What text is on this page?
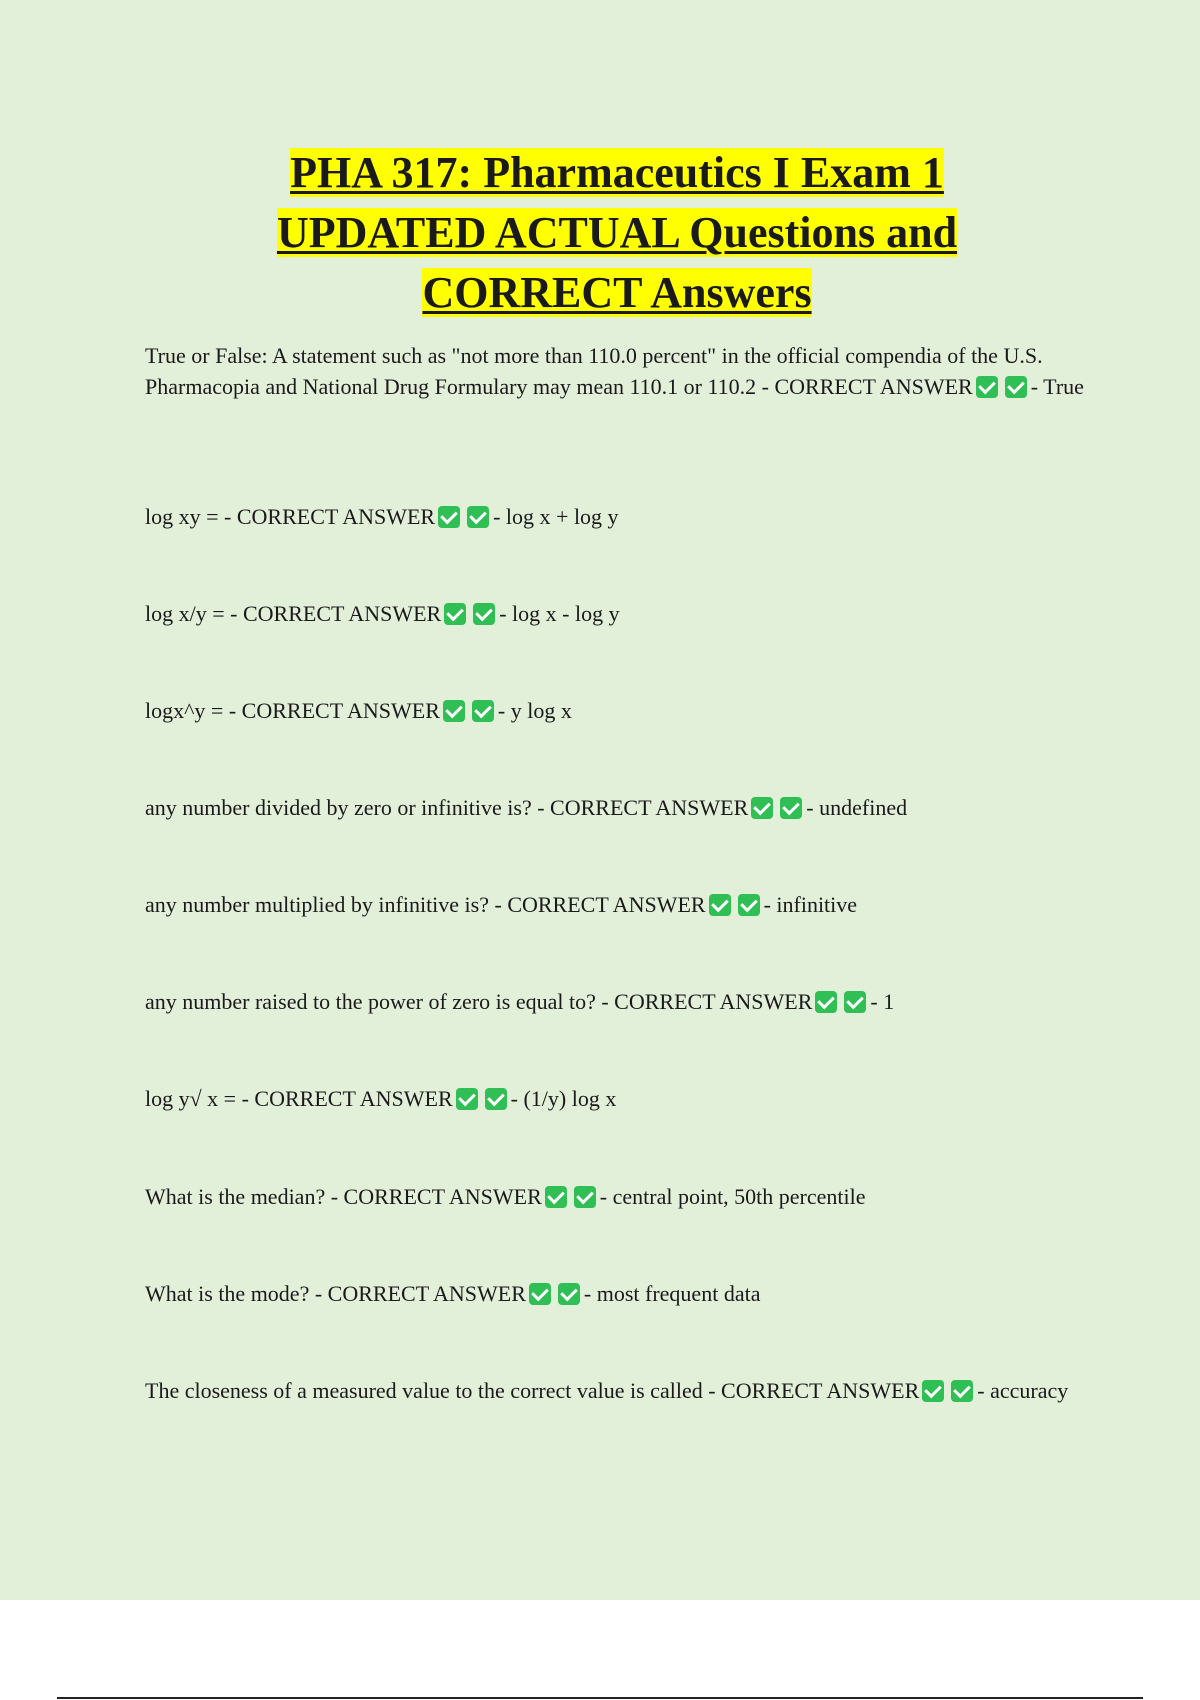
PHA 317: Pharmaceutics I Exam 1 UPDATED ACTUAL Questions and CORRECT Answers

True or False: A statement such as "not more than 110.0 percent" in the official compendia of the U.S. Pharmacopia and National Drug Formulary may mean 110.1 or 110.2 - CORRECT ANSWER	- True

log xy = - CORRECT ANSWER	- log x + log y

log x/y = - CORRECT ANSWER	- log x - log y

logx^y = - CORRECT ANSWER	- y log x

any number divided by zero or infinitive is? - CORRECT ANSWER	- undefined

any number multiplied by infinitive is? - CORRECT ANSWER	- infinitive

any number raised to the power of zero is equal to? - CORRECT ANSWER	- 1

log y√ x = - CORRECT ANSWER	- (1/y) log x

What is the median? - CORRECT ANSWER	- central point, 50th percentile

What is the mode? - CORRECT ANSWER	- most frequent data

The closeness of a measured value to the correct value is called - CORRECT ANSWER	- accuracy
